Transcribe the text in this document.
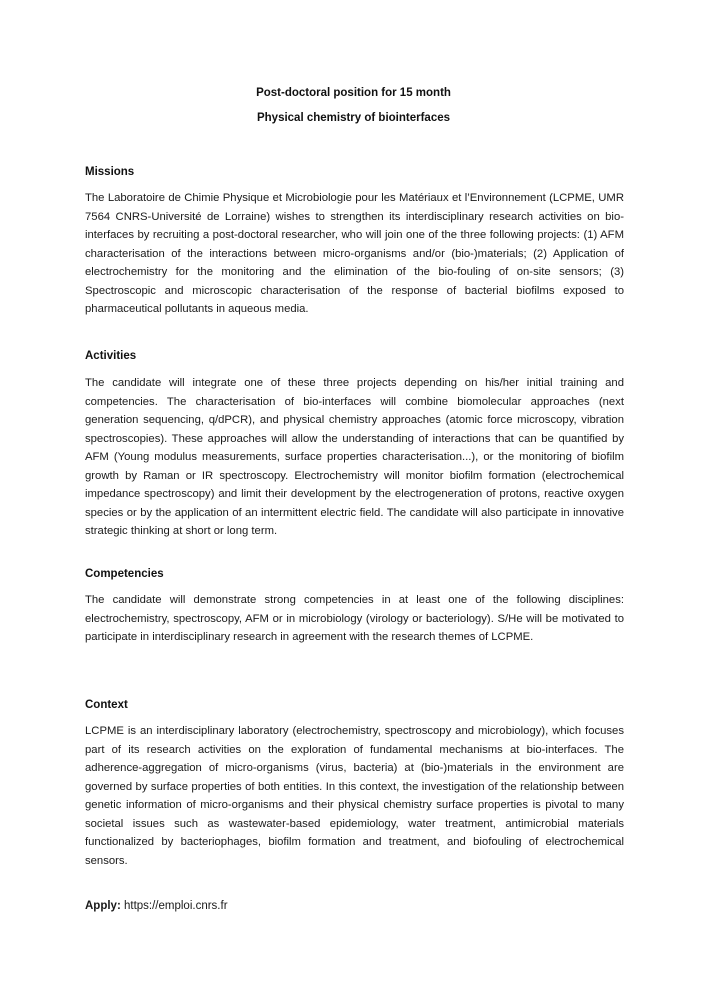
Post-doctoral position for 15 month
Physical chemistry of biointerfaces
Missions
The Laboratoire de Chimie Physique et Microbiologie pour les Matériaux et l’Environnement (LCPME, UMR 7564 CNRS-Université de Lorraine) wishes to strengthen its interdisciplinary research activities on bio-interfaces by recruiting a post-doctoral researcher, who will join one of the three following projects: (1) AFM characterisation of the interactions between micro-organisms and/or (bio-)materials; (2) Application of electrochemistry for the monitoring and the elimination of the bio-fouling of on-site sensors; (3) Spectroscopic and microscopic characterisation of the response of bacterial biofilms exposed to pharmaceutical pollutants in aqueous media.
Activities
The candidate will integrate one of these three projects depending on his/her initial training and competencies. The characterisation of bio-interfaces will combine biomolecular approaches (next generation sequencing, q/dPCR), and physical chemistry approaches (atomic force microscopy, vibration spectroscopies). These approaches will allow the understanding of interactions that can be quantified by AFM (Young modulus measurements, surface properties characterisation...), or the monitoring of biofilm growth by Raman or IR spectroscopy. Electrochemistry will monitor biofilm formation (electrochemical impedance spectroscopy) and limit their development by the electrogeneration of protons, reactive oxygen species or by the application of an intermittent electric field. The candidate will also participate in innovative strategic thinking at short or long term.
Competencies
The candidate will demonstrate strong competencies in at least one of the following disciplines: electrochemistry, spectroscopy, AFM or in microbiology (virology or bacteriology). S/He will be motivated to participate in interdisciplinary research in agreement with the research themes of LCPME.
Context
LCPME is an interdisciplinary laboratory (electrochemistry, spectroscopy and microbiology), which focuses part of its research activities on the exploration of fundamental mechanisms at bio-interfaces. The adherence-aggregation of micro-organisms (virus, bacteria) at (bio-)materials in the environment are governed by surface properties of both entities. In this context, the investigation of the relationship between genetic information of micro-organisms and their physical chemistry surface properties is pivotal to many societal issues such as wastewater-based epidemiology, water treatment, antimicrobial materials functionalized by bacteriophages, biofilm formation and treatment, and biofouling of electrochemical sensors.
Apply: https://emploi.cnrs.fr
